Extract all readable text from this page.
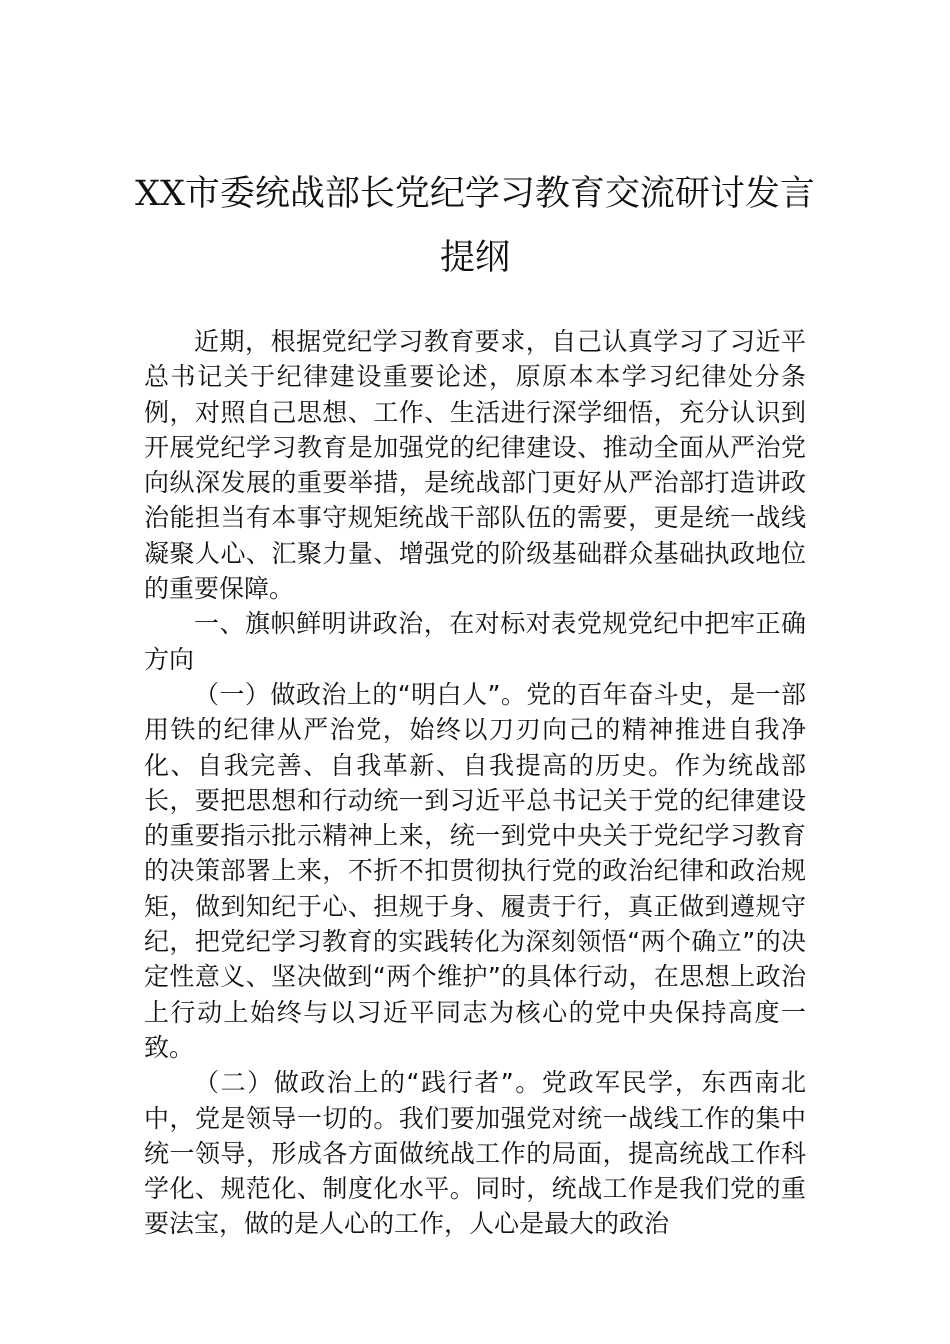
XX市委统战部长党纪学习教育交流研讨发言提纲

近期，根据党纪学习教育要求，自己认真学习了习近平总书记关于纪律建设重要论述，原原本本学习纪律处分条例，对照自己思想、工作、生活进行深学细悟，充分认识到开展党纪学习教育是加强党的纪律建设、推动全面从严治党向纵深发展的重要举措，是统战部门更好从严治部打造讲政治能担当有本事守规矩统战干部队伍的需要，更是统一战线凝聚人心、汇聚力量、增强党的阶级基础群众基础执政地位的重要保障。

一、旗帜鲜明讲政治，在对标对表党规党纪中把牢正确方向

（一）做政治上的“明白人”。党的百年奋斗史，是一部用铁的纪律从严治党，始终以刀刃向己的精神推进自我净化、自我完善、自我革新、自我提高的历史。作为统战部长，要把思想和行动统一到习近平总书记关于党的纪律建设的重要指示批示精神上来，统一到党中央关于党纪学习教育的决策部署上来，不折不扣贯彻执行党的政治纪律和政治规矩，做到知纪于心、担规于身、履责于行，真正做到遵规守纪，把党纪学习教育的实践转化为深刻领悟“两个确立”的决定性意义、坚决做到“两个维护”的具体行动，在思想上政治上行动上始终与以习近平同志为核心的党中央保持高度一致。

（二）做政治上的“践行者”。党政军民学，东西南北中，党是领导一切的。我们要加强党对统一战线工作的集中统一领导，形成各方面做统战工作的局面，提高统战工作科学化、规范化、制度化水平。同时，统战工作是我们党的重要法宝，做的是人心的工作，人心是最大的政治
